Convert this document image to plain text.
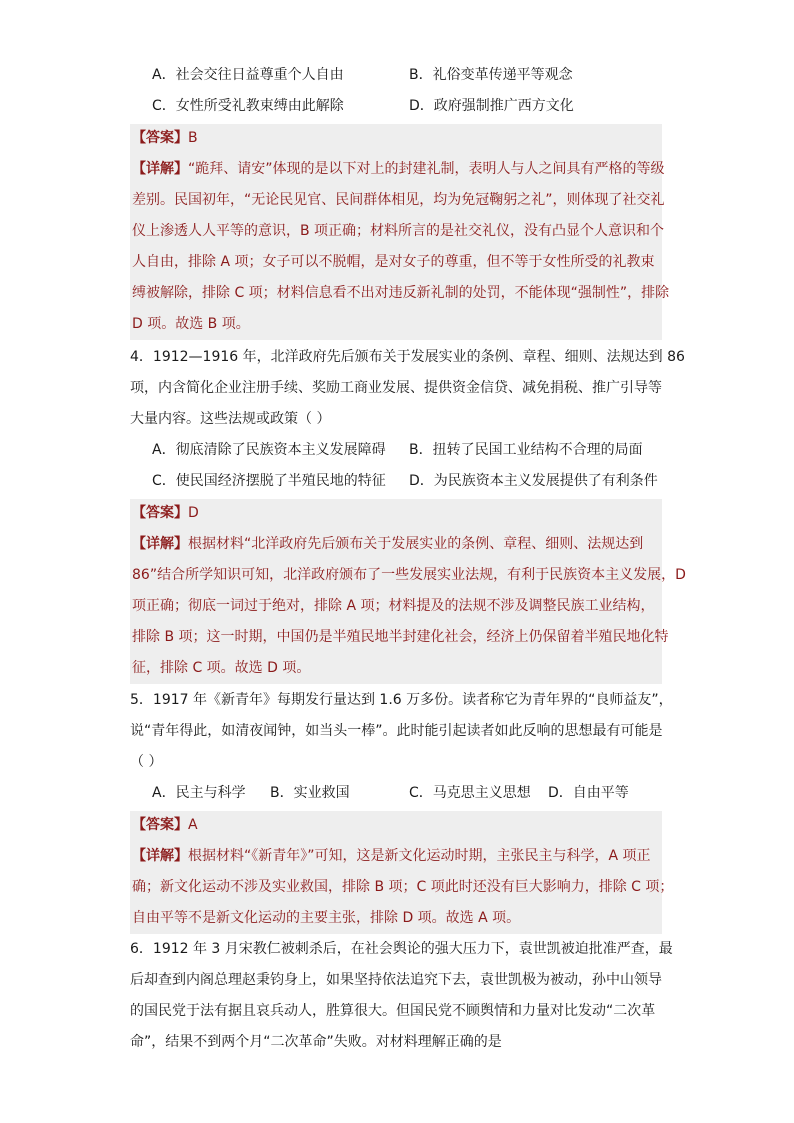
A．社会交往日益尊重个人自由	B．礼俗变革传递平等观念
C．女性所受礼教束缚由此解除	D．政府强制推广西方文化
【答案】B
【详解】“跪拜、请安”体现的是以下对上的封建礼制，表明人与人之间具有严格的等级
差别。民国初年，“无论民见官、民间群体相见，均为免冠鞠躬之礼”，则体现了社交礼
仪上渗透人人平等的意识，B 项正确；材料所言的是社交礼仪，没有凸显个人意识和个
人自由，排除 A 项；女子可以不脱帽，是对女子的尊重，但不等于女性所受的礼教束
缚被解除，排除 C 项；材料信息看不出对违反新礼制的处罚，不能体现“强制性”，排除
D 项。故选 B 项。
4．1912—1916 年，北洋政府先后颁布关于发展实业的条例、章程、细则、法规达到 86
项，内含简化企业注册手续、奖励工商业发展、提供资金信贷、减免捐税、推广引导等
大量内容。这些法规或政策（ ）
A．彻底清除了民族资本主义发展障碍 B．扭转了民国工业结构不合理的局面
C．使民国经济摆脱了半殖民地的特征 D．为民族资本主义发展提供了有利条件
【答案】D
【详解】根据材料“北洋政府先后颁布关于发展实业的条例、章程、细则、法规达到
86”结合所学知识可知，北洋政府颁布了一些发展实业法规，有利于民族资本主义发展，D
项正确；彻底一词过于绝对，排除 A 项；材料提及的法规不涉及调整民族工业结构，
排除 B 项；这一时期，中国仍是半殖民地半封建化社会，经济上仍保留着半殖民地化特
征，排除 C 项。故选 D 项。
5．1917 年《新青年》每期发行量达到 1.6 万多份。读者称它为青年界的“良师益友”，
说“青年得此，如清夜闻钟，如当头一棒”。此时能引起读者如此反响的思想最有可能是
（ ）
A．民主与科学 B．实业救国	C．马克思主义思想 D．自由平等
【答案】A
【详解】根据材料“《新青年》”可知，这是新文化运动时期，主张民主与科学，A 项正
确；新文化运动不涉及实业救国，排除 B 项；C 项此时还没有巨大影响力，排除 C 项；
自由平等不是新文化运动的主要主张，排除 D 项。故选 A 项。
6．1912 年 3 月宋教仁被刺杀后，在社会舆论的强大压力下，袁世凯被迫批准严查，最
后却查到内阁总理赵秉钧身上，如果坚持依法追究下去，袁世凯极为被动，孙中山领导
的国民党于法有据且哀兵动人，胜算很大。但国民党不顾舆情和力量对比发动“二次革
命”，结果不到两个月“二次革命”失败。对材料理解正确的是
